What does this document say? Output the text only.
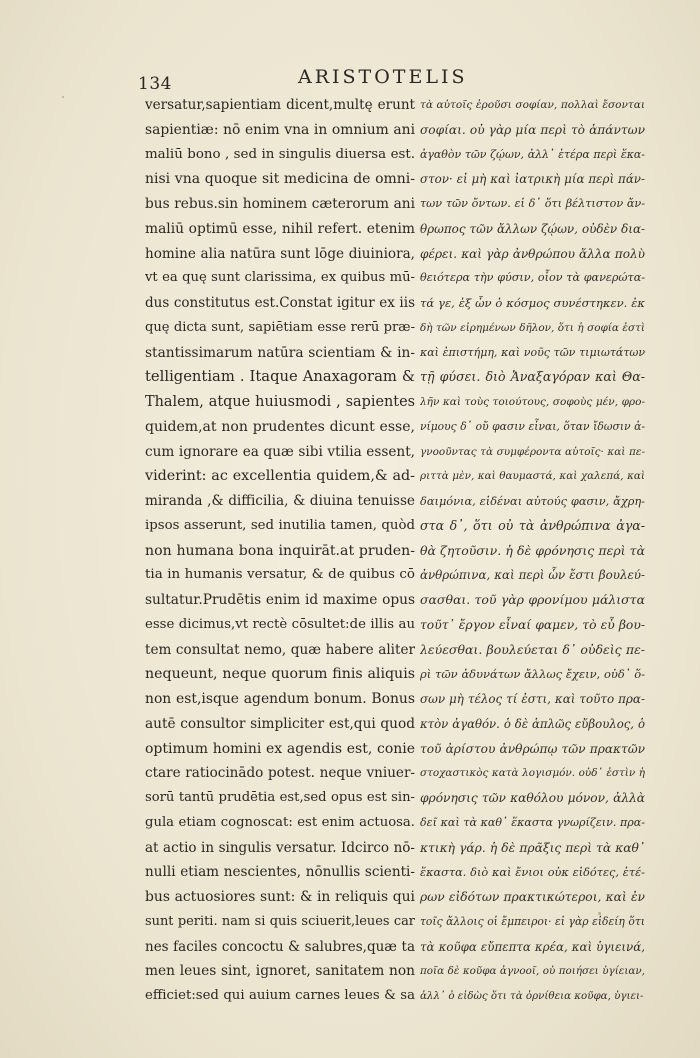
134	ARISTOTELIS
versatur,sapientiam dicent,multę erunt
sapientiæ: nō enim vna in omnium ani
maliū bono , sed in singulis diuersa est.
nisi vna quoque sit medicina de omni-
bus rebus.sin hominem cæterorum ani
maliū optimū esse, nihil refert. etenim
homine alia natūra sunt lōge diuiniora,
vt ea quę sunt clarissima, ex quibus mū-
dus constitutus est.Constat igitur ex iis
quę dicta sunt, sapiētiam esse rerū præ-
stantissimarum natūra scientiam & in-
telligentiam . Itaque Anaxagoram &
Thalem, atque huiusmodi , sapientes
quidem,at non prudentes dicunt esse,
cum ignorare ea quæ sibi vtilia essent,
viderint: ac excellentia quidem,& ad-
miranda ,& difficilia, & diuina tenuisse
ipsos asserunt, sed inutilia tamen, quòd
non humana bona inquirāt.at pruden-
tia in humanis versatur, & de quibus cō
sultatur.Prudētis enim id maxime opus
esse dicimus,vt rectè cōsultet:de illis au
tem consultat nemo, quæ habere aliter
nequeunt, neque quorum finis aliquis
non est,isque agendum bonum. Bonus
autē consultor simpliciter est,qui quod
optimum homini ex agendis est, conie
ctare ratiocinādo potest. neque vniuer-
sorū tantū prudētia est,sed opus est sin-
gula etiam cognoscat: est enim actuosa.
at actio in singulis versatur. Idcirco nō-
nulli etiam nescientes, nōnullis scienti-
bus actuosiores sunt: & in reliquis qui
sunt periti. nam si quis sciuerit,leues car
nes faciles concoctu & salubres,quæ ta
men leues sint, ignoret, sanitatem non
efficiet:sed qui auium carnes leues & sa
τὰ αὐτοῖς ἐροῦσι σοφίαν, πολλαὶ ἔσονται
σοφίαι. οὐ γὰρ μία περὶ τὸ ἁπάντων
ἀγαθὸν τῶν ζῴων, ἀλλ᾽ ἑτέρα περὶ ἕκα-
στον· εἰ μὴ καὶ ἰατρικὴ μία περὶ πάν-
των τῶν ὄντων. εἰ δ᾽ ὅτι βέλτιστον ἄν-
θρωπος τῶν ἄλλων ζῴων, οὐδὲν δια-
φέρει. καὶ γὰρ ἀνθρώπου ἄλλα πολὺ
θειότερα τὴν φύσιν, οἷον τὰ φανερώτα-
τά γε, ἐξ ὧν ὁ κόσμος συνέστηκεν. ἐκ
δὴ τῶν εἰρημένων δῆλον, ὅτι ἡ σοφία ἐστὶ
καὶ ἐπιστήμη, καὶ νοῦς τῶν τιμιωτάτων
τῇ φύσει. διὸ Ἀναξαγόραν καὶ Θα-
λῆν καὶ τοὺς τοιούτους, σοφοὺς μέν, φρο-
νίμους δ᾽ οὔ φασιν εἶναι, ὅταν ἴδωσιν ἀ-
γνοοῦντας τὰ συμφέροντα αὑτοῖς· καὶ πε-
ριττὰ μὲν, καὶ θαυμαστά, καὶ χαλεπά, καὶ
δαιμόνια, εἰδέναι αὐτούς φασιν, ἄχρη-
στα δ᾽, ὅτι οὐ τὰ ἀνθρώπινα ἀγα-
θὰ ζητοῦσιν. ἡ δὲ φρόνησις περὶ τὰ
ἀνθρώπινα, καὶ περὶ ὧν ἔστι βουλεύ-
σασθαι. τοῦ γὰρ φρονίμου μάλιστα
τοῦτ᾽ ἔργον εἶναί φαμεν, τὸ εὖ βου-
λεύεσθαι. βουλεύεται δ᾽ οὐδεὶς πε-
ρὶ τῶν ἀδυνάτων ἄλλως ἔχειν, οὐδ᾽ ὅ-
σων μὴ τέλος τί ἐστι, καὶ τοῦτο πρα-
κτὸν ἀγαθόν. ὁ δὲ ἁπλῶς εὔβουλος, ὁ
τοῦ ἀρίστου ἀνθρώπῳ τῶν πρακτῶν
στοχαστικὸς κατὰ λογισμόν. οὐδ᾽ ἐστὶν ἡ
φρόνησις τῶν καθόλου μόνον, ἀλλὰ
δεῖ καὶ τὰ καθ᾽ ἕκαστα γνωρίζειν. πρα-
κτικὴ γάρ. ἡ δὲ πρᾶξις περὶ τὰ καθ᾽
ἕκαστα. διὸ καὶ ἔνιοι οὐκ εἰδότες, ἑτέ-
ρων εἰδότων πρακτικώτεροι, καὶ ἐν
τοῖς ἄλλοις οἱ ἔμπειροι· εἰ γὰρ εἰδείη ὅτι
τὰ κοῦφα εὔπεπτα κρέα, καὶ ὑγιεινά,
ποῖα δὲ κοῦφα ἀγνοοῖ, οὐ ποιήσει ὑγίειαν,
ἀλλ᾽ ὁ εἰδὼς ὅτι τὰ ὀρνίθεια κοῦφα, ὑγιει-
